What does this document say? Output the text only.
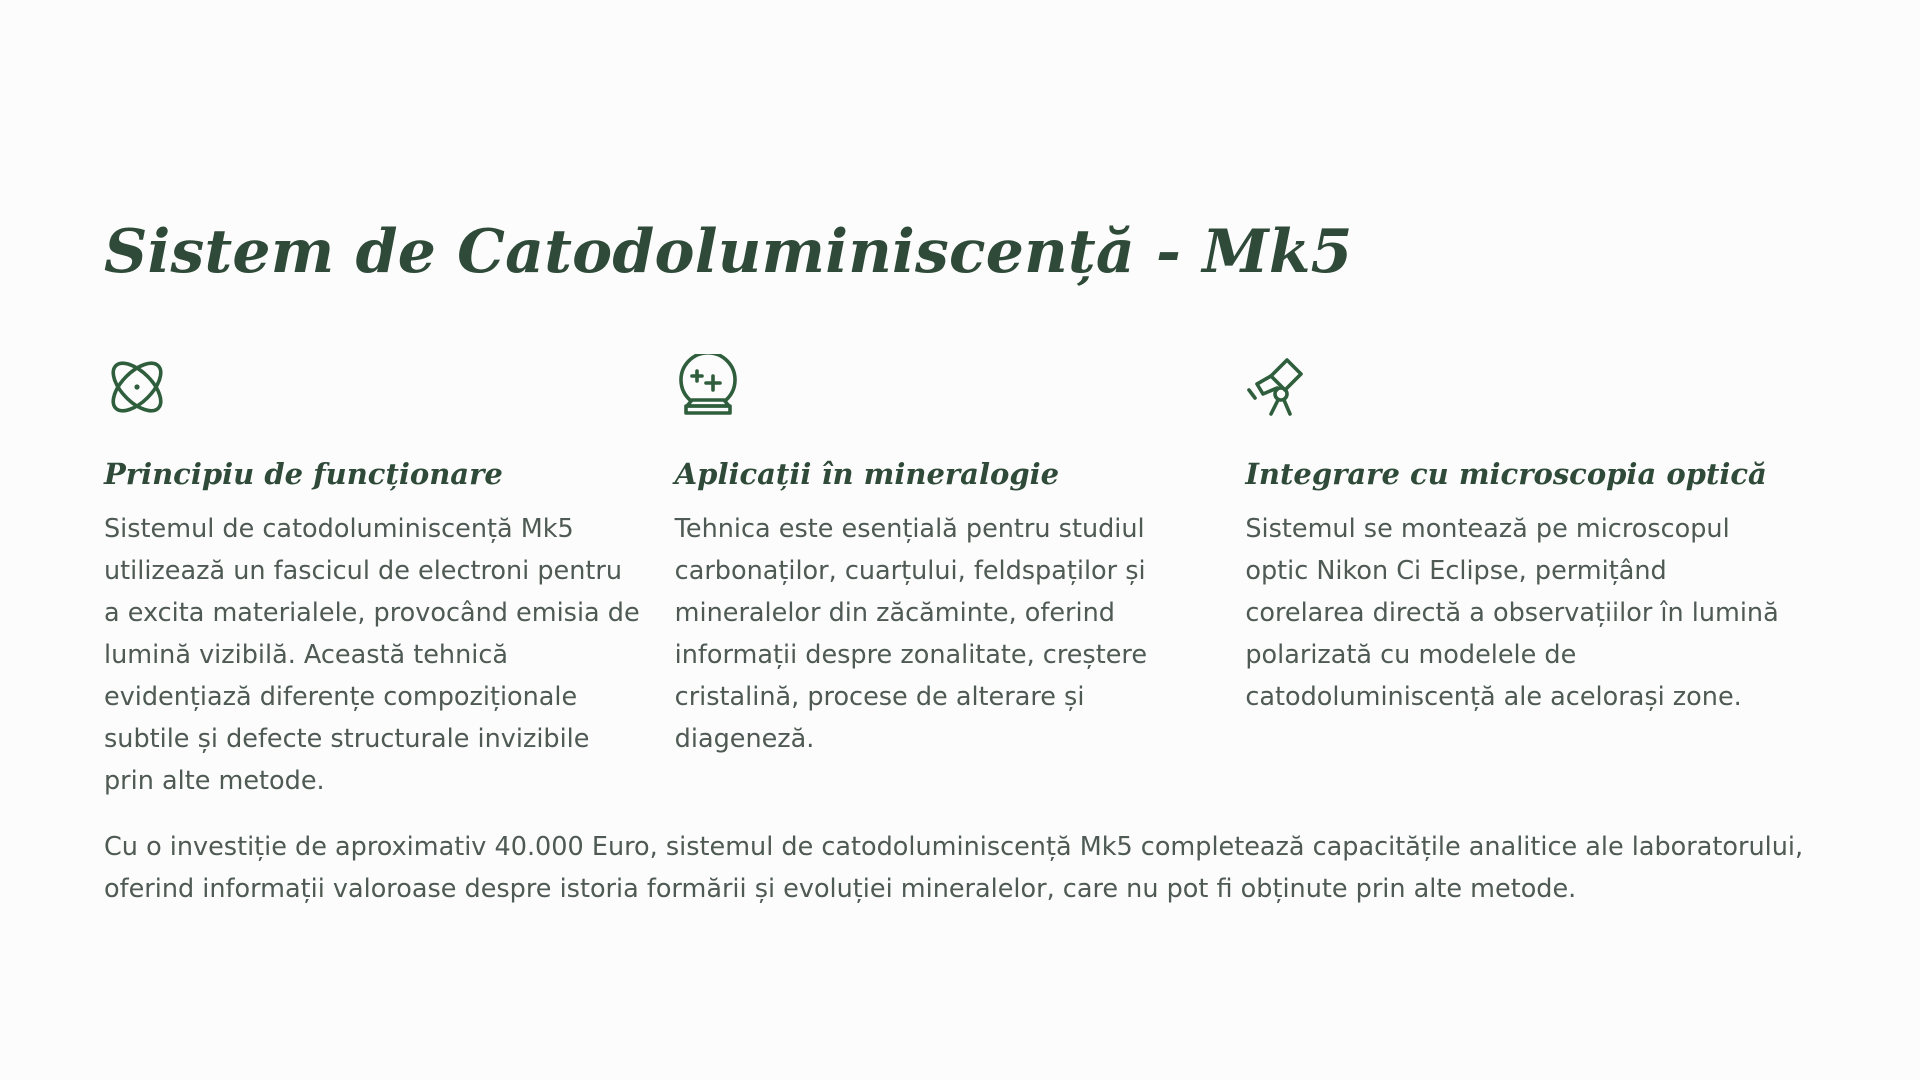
Sistem de Catodoluminiscență - Mk5
Principiu de funcționare

Sistemul de catodoluminiscență Mk5 utilizează un fascicul de electroni pentru a excita materialele, provocând emisia de lumină vizibilă. Această tehnică evidențiază diferențe compoziționale subtile și defecte structurale invizibile prin alte metode.

Aplicații în mineralogie

Tehnica este esențială pentru studiul carbonaților, cuarțului, feldspaților și mineralelor din zăcăminte, oferind informații despre zonalitate, creștere cristalină, procese de alterare și diageneză.

Integrare cu microscopia optică

Sistemul se montează pe microscopul optic Nikon Ci Eclipse, permițând corelarea directă a observațiilor în lumină polarizată cu modelele de catodoluminiscență ale acelorași zone.

Cu o investiție de aproximativ 40.000 Euro, sistemul de catodoluminiscență Mk5 completează capacitățile analitice ale laboratorului, oferind informații valoroase despre istoria formării și evoluției mineralelor, care nu pot fi obținute prin alte metode.
